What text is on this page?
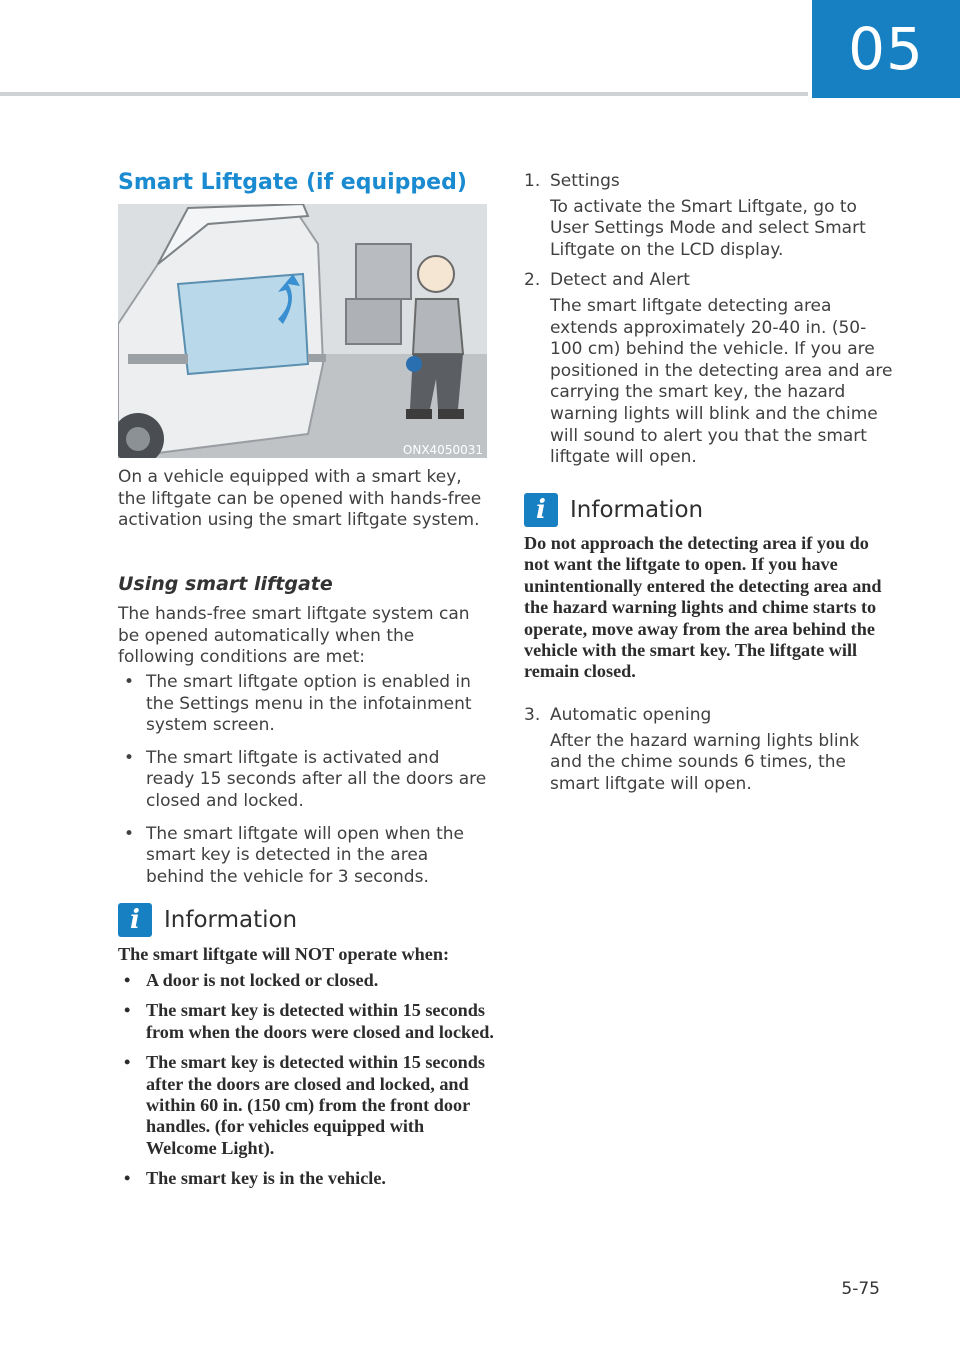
05
Smart Liftgate (if equipped)
ONX4050031

On a vehicle equipped with a smart key, the liftgate can be opened with hands-free activation using the smart liftgate system.

Using smart liftgate

The hands-free smart liftgate system can be opened automatically when the following conditions are met:

• The smart liftgate option is enabled in the Settings menu in the infotainment system screen.
• The smart liftgate is activated and ready 15 seconds after all the doors are closed and locked.
• The smart liftgate will open when the smart key is detected in the area behind the vehicle for 3 seconds.
i	Information

The smart liftgate will NOT operate when:

• A door is not locked or closed.
• The smart key is detected within 15 seconds from when the doors were closed and locked.
• The smart key is detected within 15 seconds after the doors are closed and locked, and within 60 in. (150 cm) from the front door handles. (for vehicles equipped with Welcome Light).
• The smart key is in the vehicle.
1. Settings
To activate the Smart Liftgate, go to User Settings Mode and select Smart Liftgate on the LCD display.
2. Detect and Alert
The smart liftgate detecting area extends approximately 20-40 in. (50-100 cm) behind the vehicle. If you are positioned in the detecting area and are carrying the smart key, the hazard warning lights will blink and the chime will sound to alert you that the smart liftgate will open.
i	Information

Do not approach the detecting area if you do not want the liftgate to open. If you have unintentionally entered the detecting area and the hazard warning lights and chime starts to operate, move away from the area behind the vehicle with the smart key. The liftgate will remain closed.

3. Automatic opening
After the hazard warning lights blink and the chime sounds 6 times, the smart liftgate will open.
5-75
